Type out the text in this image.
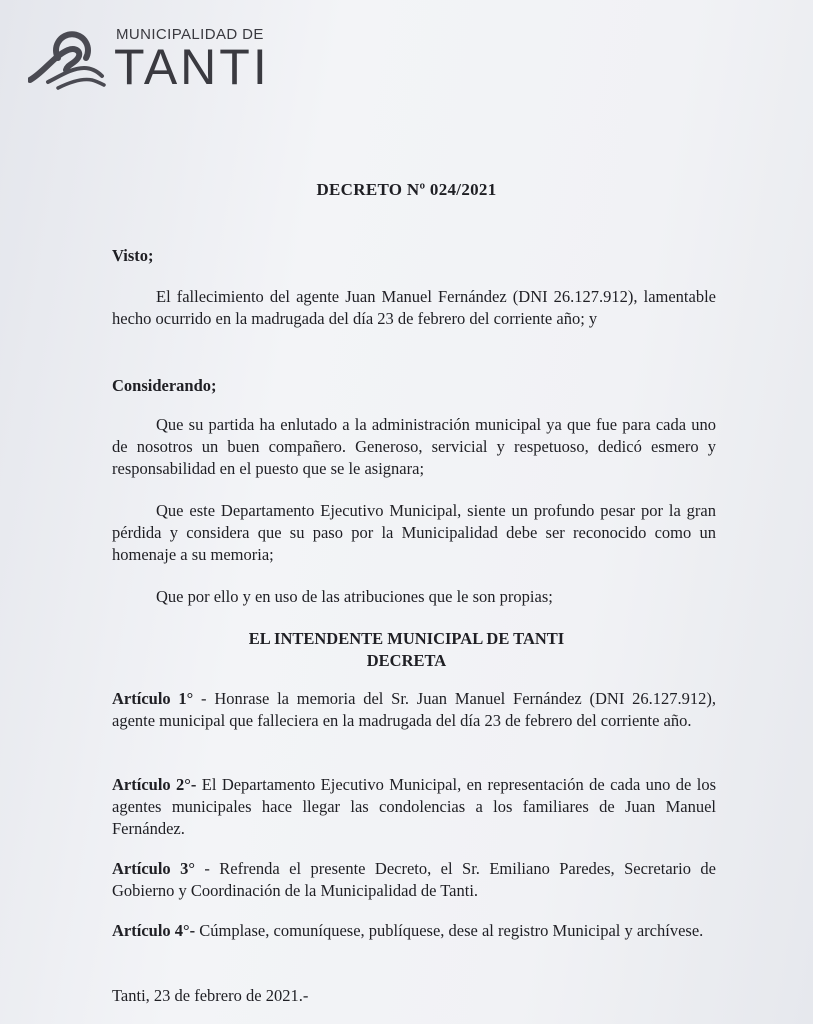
MUNICIPALIDAD DE
TANTI
DECRETO Nº 024/2021
Visto;
El fallecimiento del agente Juan Manuel Fernández (DNI 26.127.912), lamentable hecho ocurrido en la madrugada del día 23 de febrero del corriente año; y
Considerando;
Que su partida ha enlutado a la administración municipal ya que fue para cada uno de nosotros un buen compañero. Generoso, servicial y respetuoso, dedicó esmero y responsabilidad en el puesto que se le asignara;
Que este Departamento Ejecutivo Municipal, siente un profundo pesar por la gran pérdida y considera que su paso por la Municipalidad debe ser reconocido como un homenaje a su memoria;
Que por ello y en uso de las atribuciones que le son propias;
EL INTENDENTE MUNICIPAL DE TANTI
DECRETA
Artículo 1° - Honrase la memoria del Sr. Juan Manuel Fernández (DNI 26.127.912), agente municipal que falleciera en la madrugada del día 23 de febrero del corriente año.
Artículo 2°- El Departamento Ejecutivo Municipal, en representación de cada uno de los agentes municipales hace llegar las condolencias a los familiares de Juan Manuel Fernández.
Artículo 3° - Refrenda el presente Decreto, el Sr. Emiliano Paredes, Secretario de Gobierno y Coordinación de la Municipalidad de Tanti.
Artículo 4°- Cúmplase, comuníquese, publíquese, dese al registro Municipal y archívese.
Tanti, 23 de febrero de 2021.-
